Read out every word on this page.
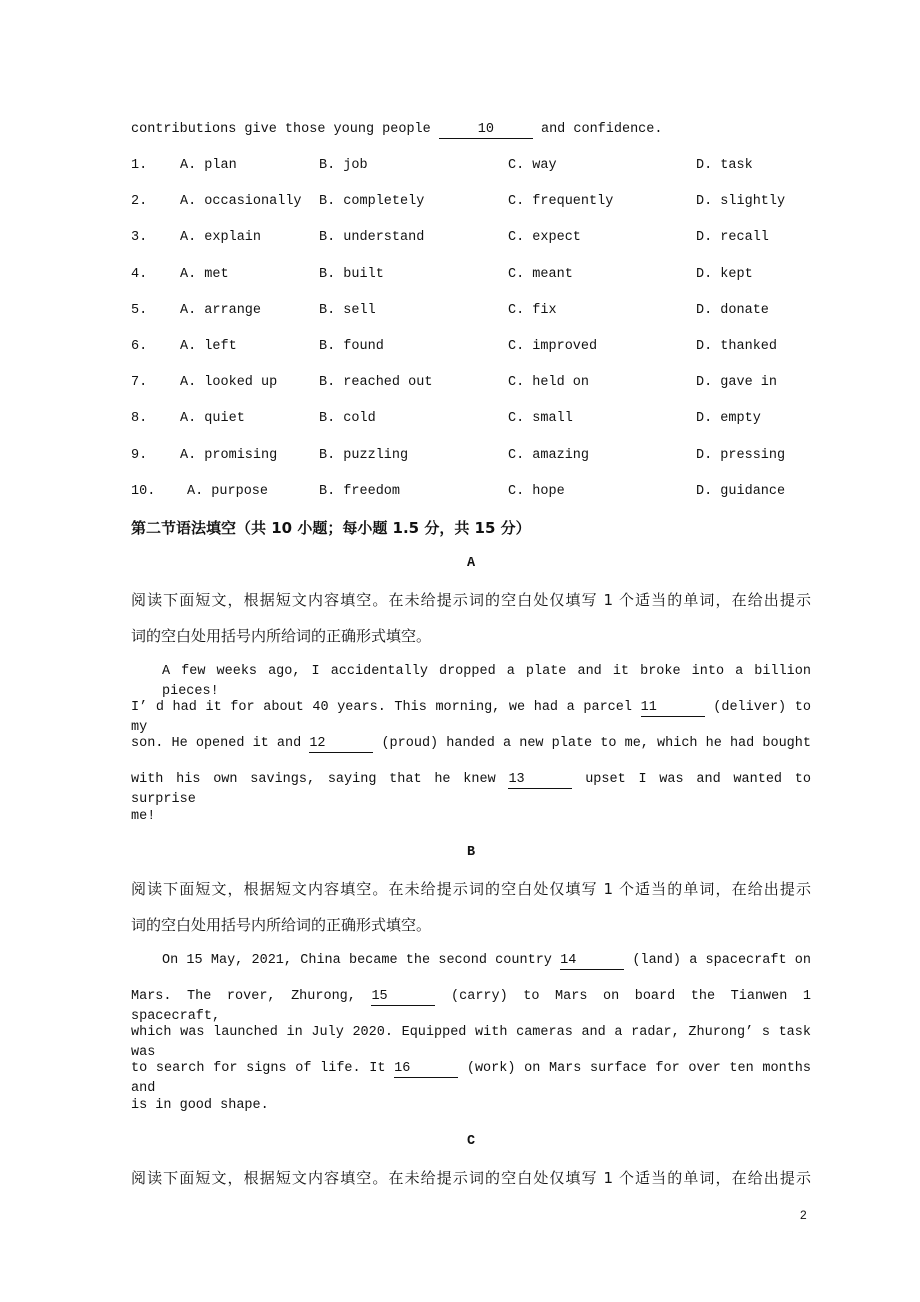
contributions give those young people	10	and confidence.
1. A. plan	B. job	C. way	D. task
2. A. occasionally B. completely	C. frequently	D. slightly
3. A. explain	B. understand	C. expect	D. recall
4. A. met	B. built	C. meant	D. kept
5. A. arrange	B. sell	C. fix	D. donate
6. A. left	B. found	C. improved	D. thanked
7. A. looked up	B. reached out	C. held on	D. gave in
8. A. quiet	B. cold	C. small	D. empty
9. A. promising	B. puzzling	C. amazing	D. pressing
10. A. purpose	B. freedom	C. hope	D. guidance
第二节语法填空（共 10 小题；每小题 1.5 分，共 15 分）
A
阅读下面短文，根据短文内容填空。在未给提示词的空白处仅填写 1 个适当的单词，在给出提示
词的空白处用括号内所给词的正确形式填空。
A few weeks ago, I accidentally dropped a plate and it broke into a billion pieces!
I’ d had it for about 40 years. This morning, we had a parcel 11	(deliver) to my
son. He opened it and 12	(proud) handed a new plate to me, which he had bought
with his own savings, saying that he knew 13	upset I was and wanted to surprise
me!
B
阅读下面短文，根据短文内容填空。在未给提示词的空白处仅填写 1 个适当的单词，在给出提示
词的空白处用括号内所给词的正确形式填空。
On 15 May, 2021, China became the second country 14	(land) a spacecraft on
Mars. The rover, Zhurong, 15	(carry) to Mars on board the Tianwen 1 spacecraft,
which was launched in July 2020. Equipped with cameras and a radar, Zhurong’ s task was
to search for signs of life. It 16	(work) on Mars surface for over ten months and
is in good shape.
C
阅读下面短文，根据短文内容填空。在未给提示词的空白处仅填写 1 个适当的单词，在给出提示
2
